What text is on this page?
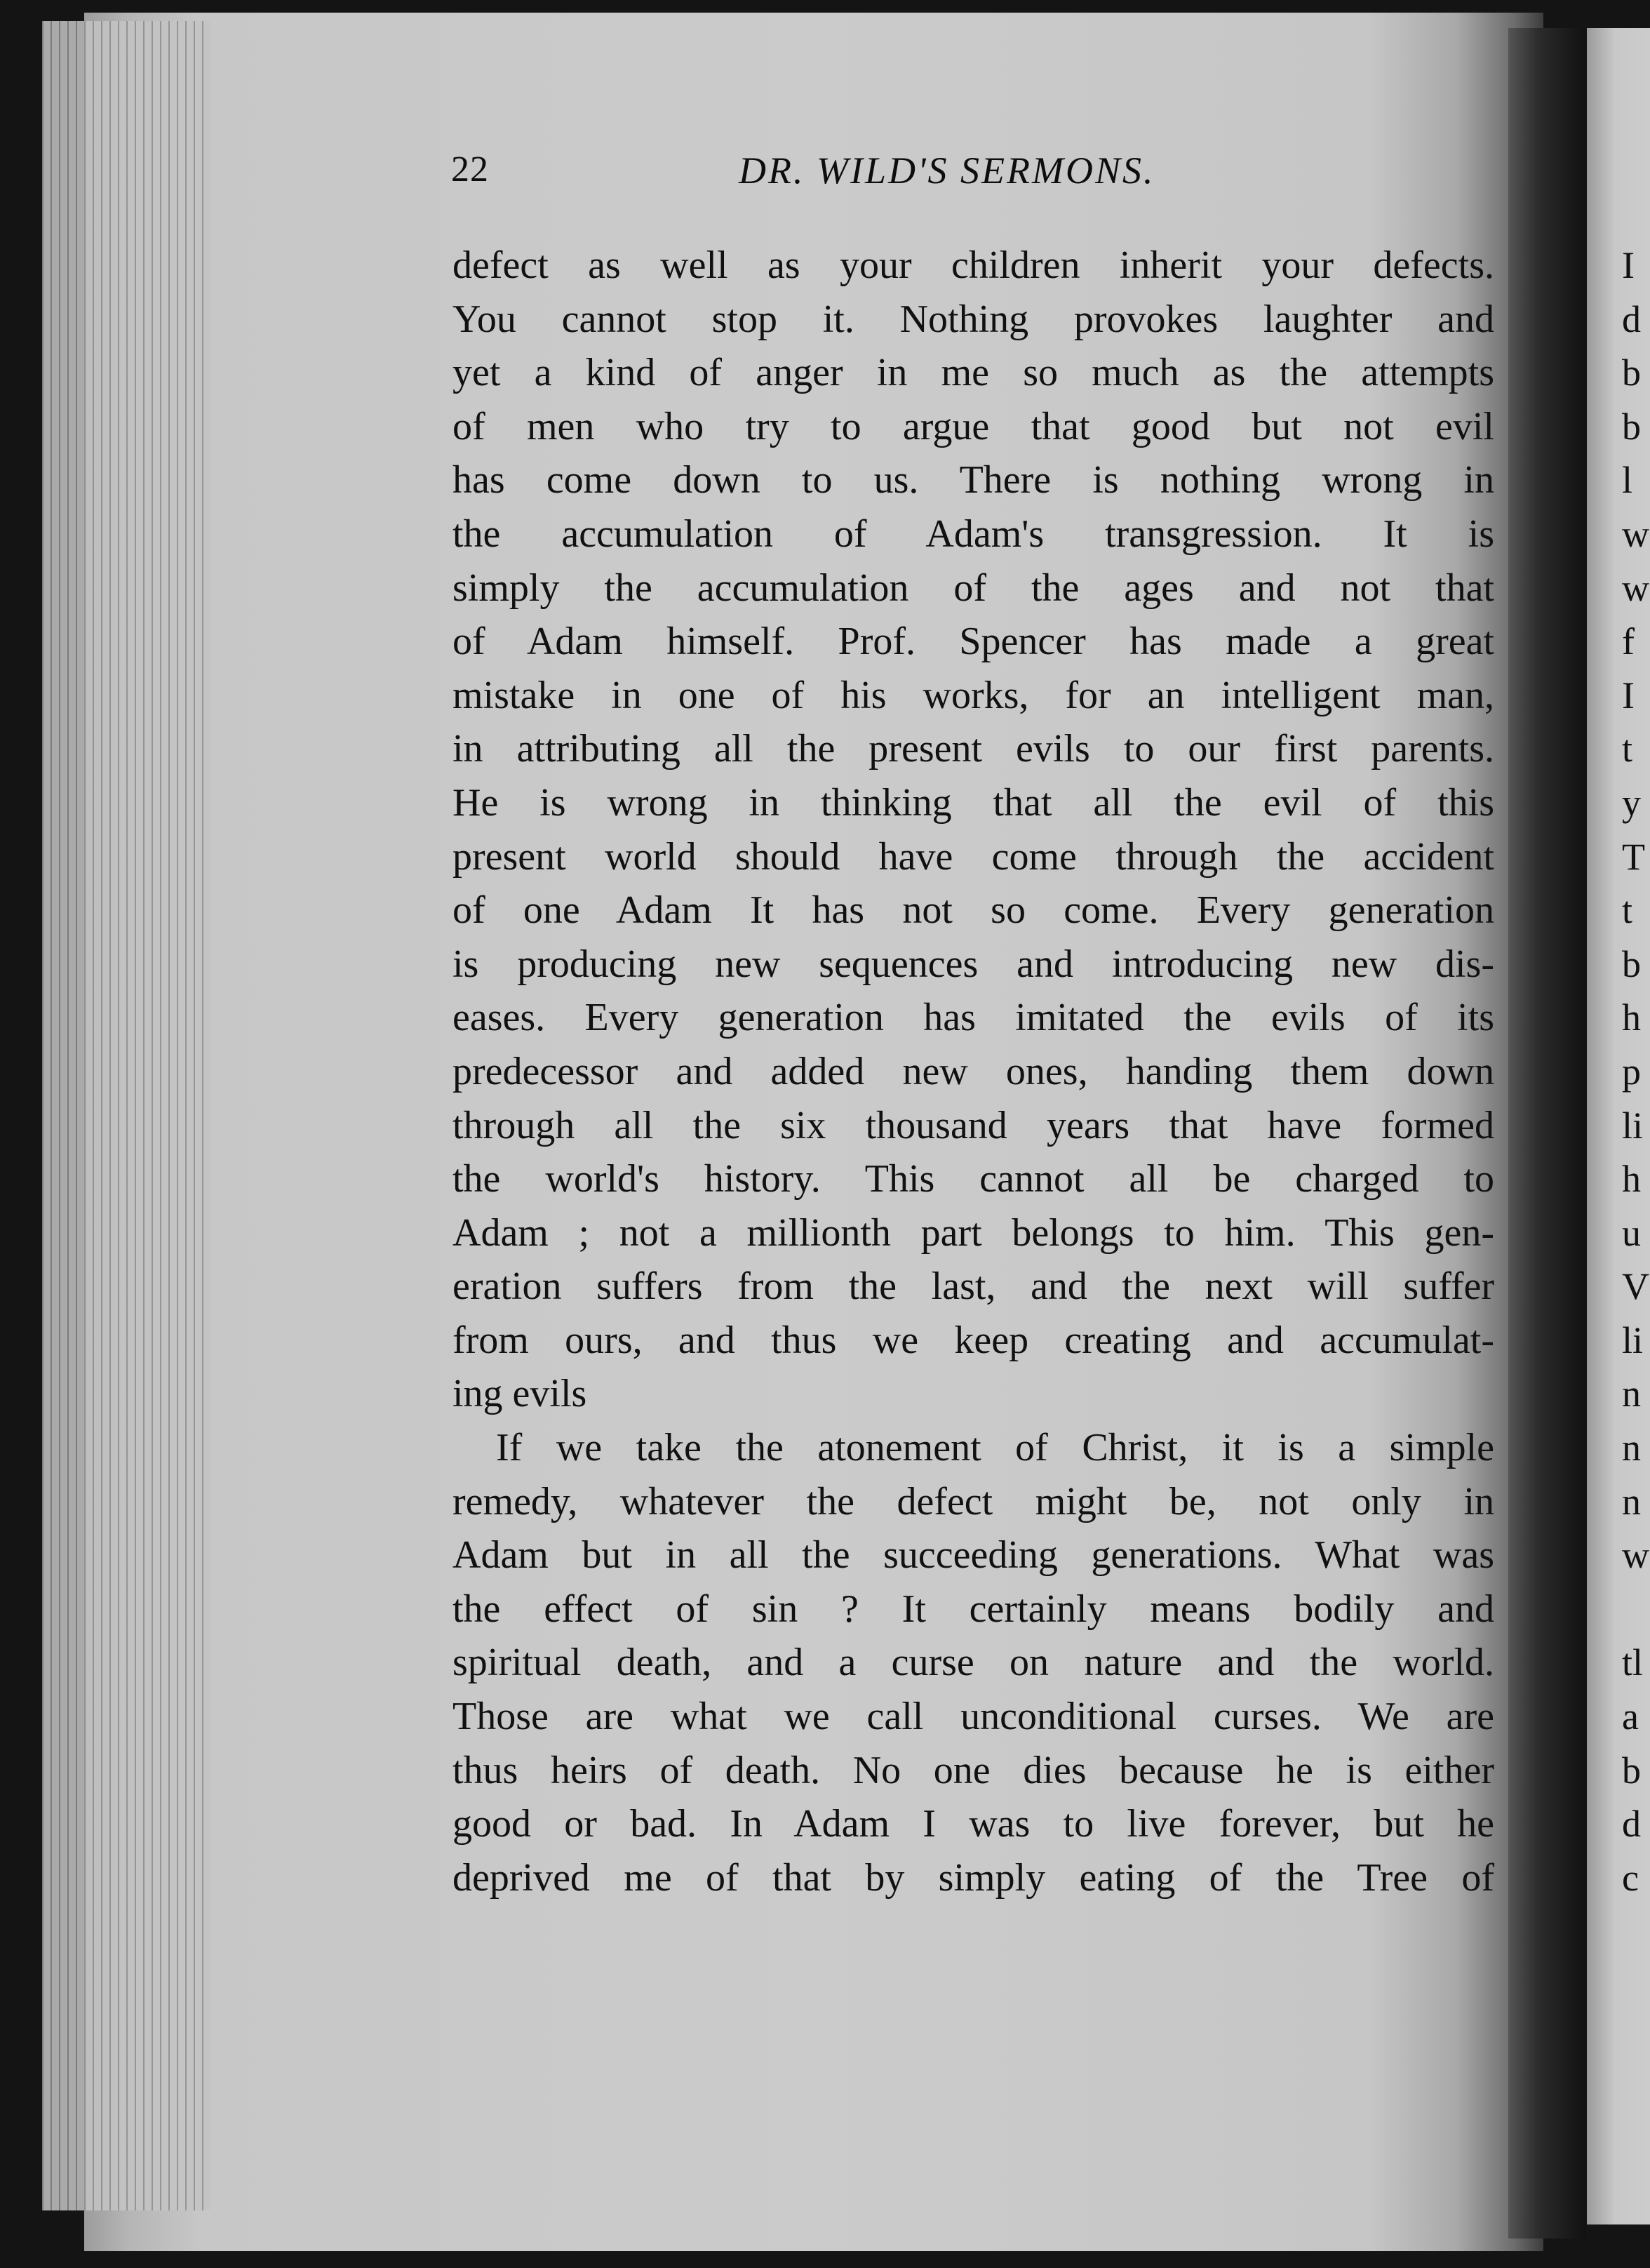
22	DR. WILD'S SERMONS.
defect as well as your children inherit your defects.
You cannot stop it. Nothing provokes laughter and
yet a kind of anger in me so much as the attempts
of men who try to argue that good but not evil
has come down to us. There is nothing wrong in
the accumulation of Adam's transgression. It is
simply the accumulation of the ages and not that
of Adam himself. Prof. Spencer has made a great
mistake in one of his works, for an intelligent man,
in attributing all the present evils to our first parents.
He is wrong in thinking that all the evil of this
present world should have come through the accident
of one Adam It has not so come. Every generation
is producing new sequences and introducing new dis-
eases. Every generation has imitated the evils of its
predecessor and added new ones, handing them down
through all the six thousand years that have formed
the world's history. This cannot all be charged to
Adam ; not a millionth part belongs to him. This gen-
eration suffers from the last, and the next will suffer
from ours, and thus we keep creating and accumulat-
ing evils
If we take the atonement of Christ, it is a simple
remedy, whatever the defect might be, not only in
Adam but in all the succeeding generations. What was
the effect of sin ? It certainly means bodily and
spiritual death, and a curse on nature and the world.
Those are what we call unconditional curses. We are
thus heirs of death. No one dies because he is either
good or bad. In Adam I was to live forever, but he
deprived me of that by simply eating of the Tree of
I
d
b
b
l
w
w
f
I
t
y
T
t
b
h
p
li
h
u
V
li
n
n
n
w
tl
a
b
d
c
